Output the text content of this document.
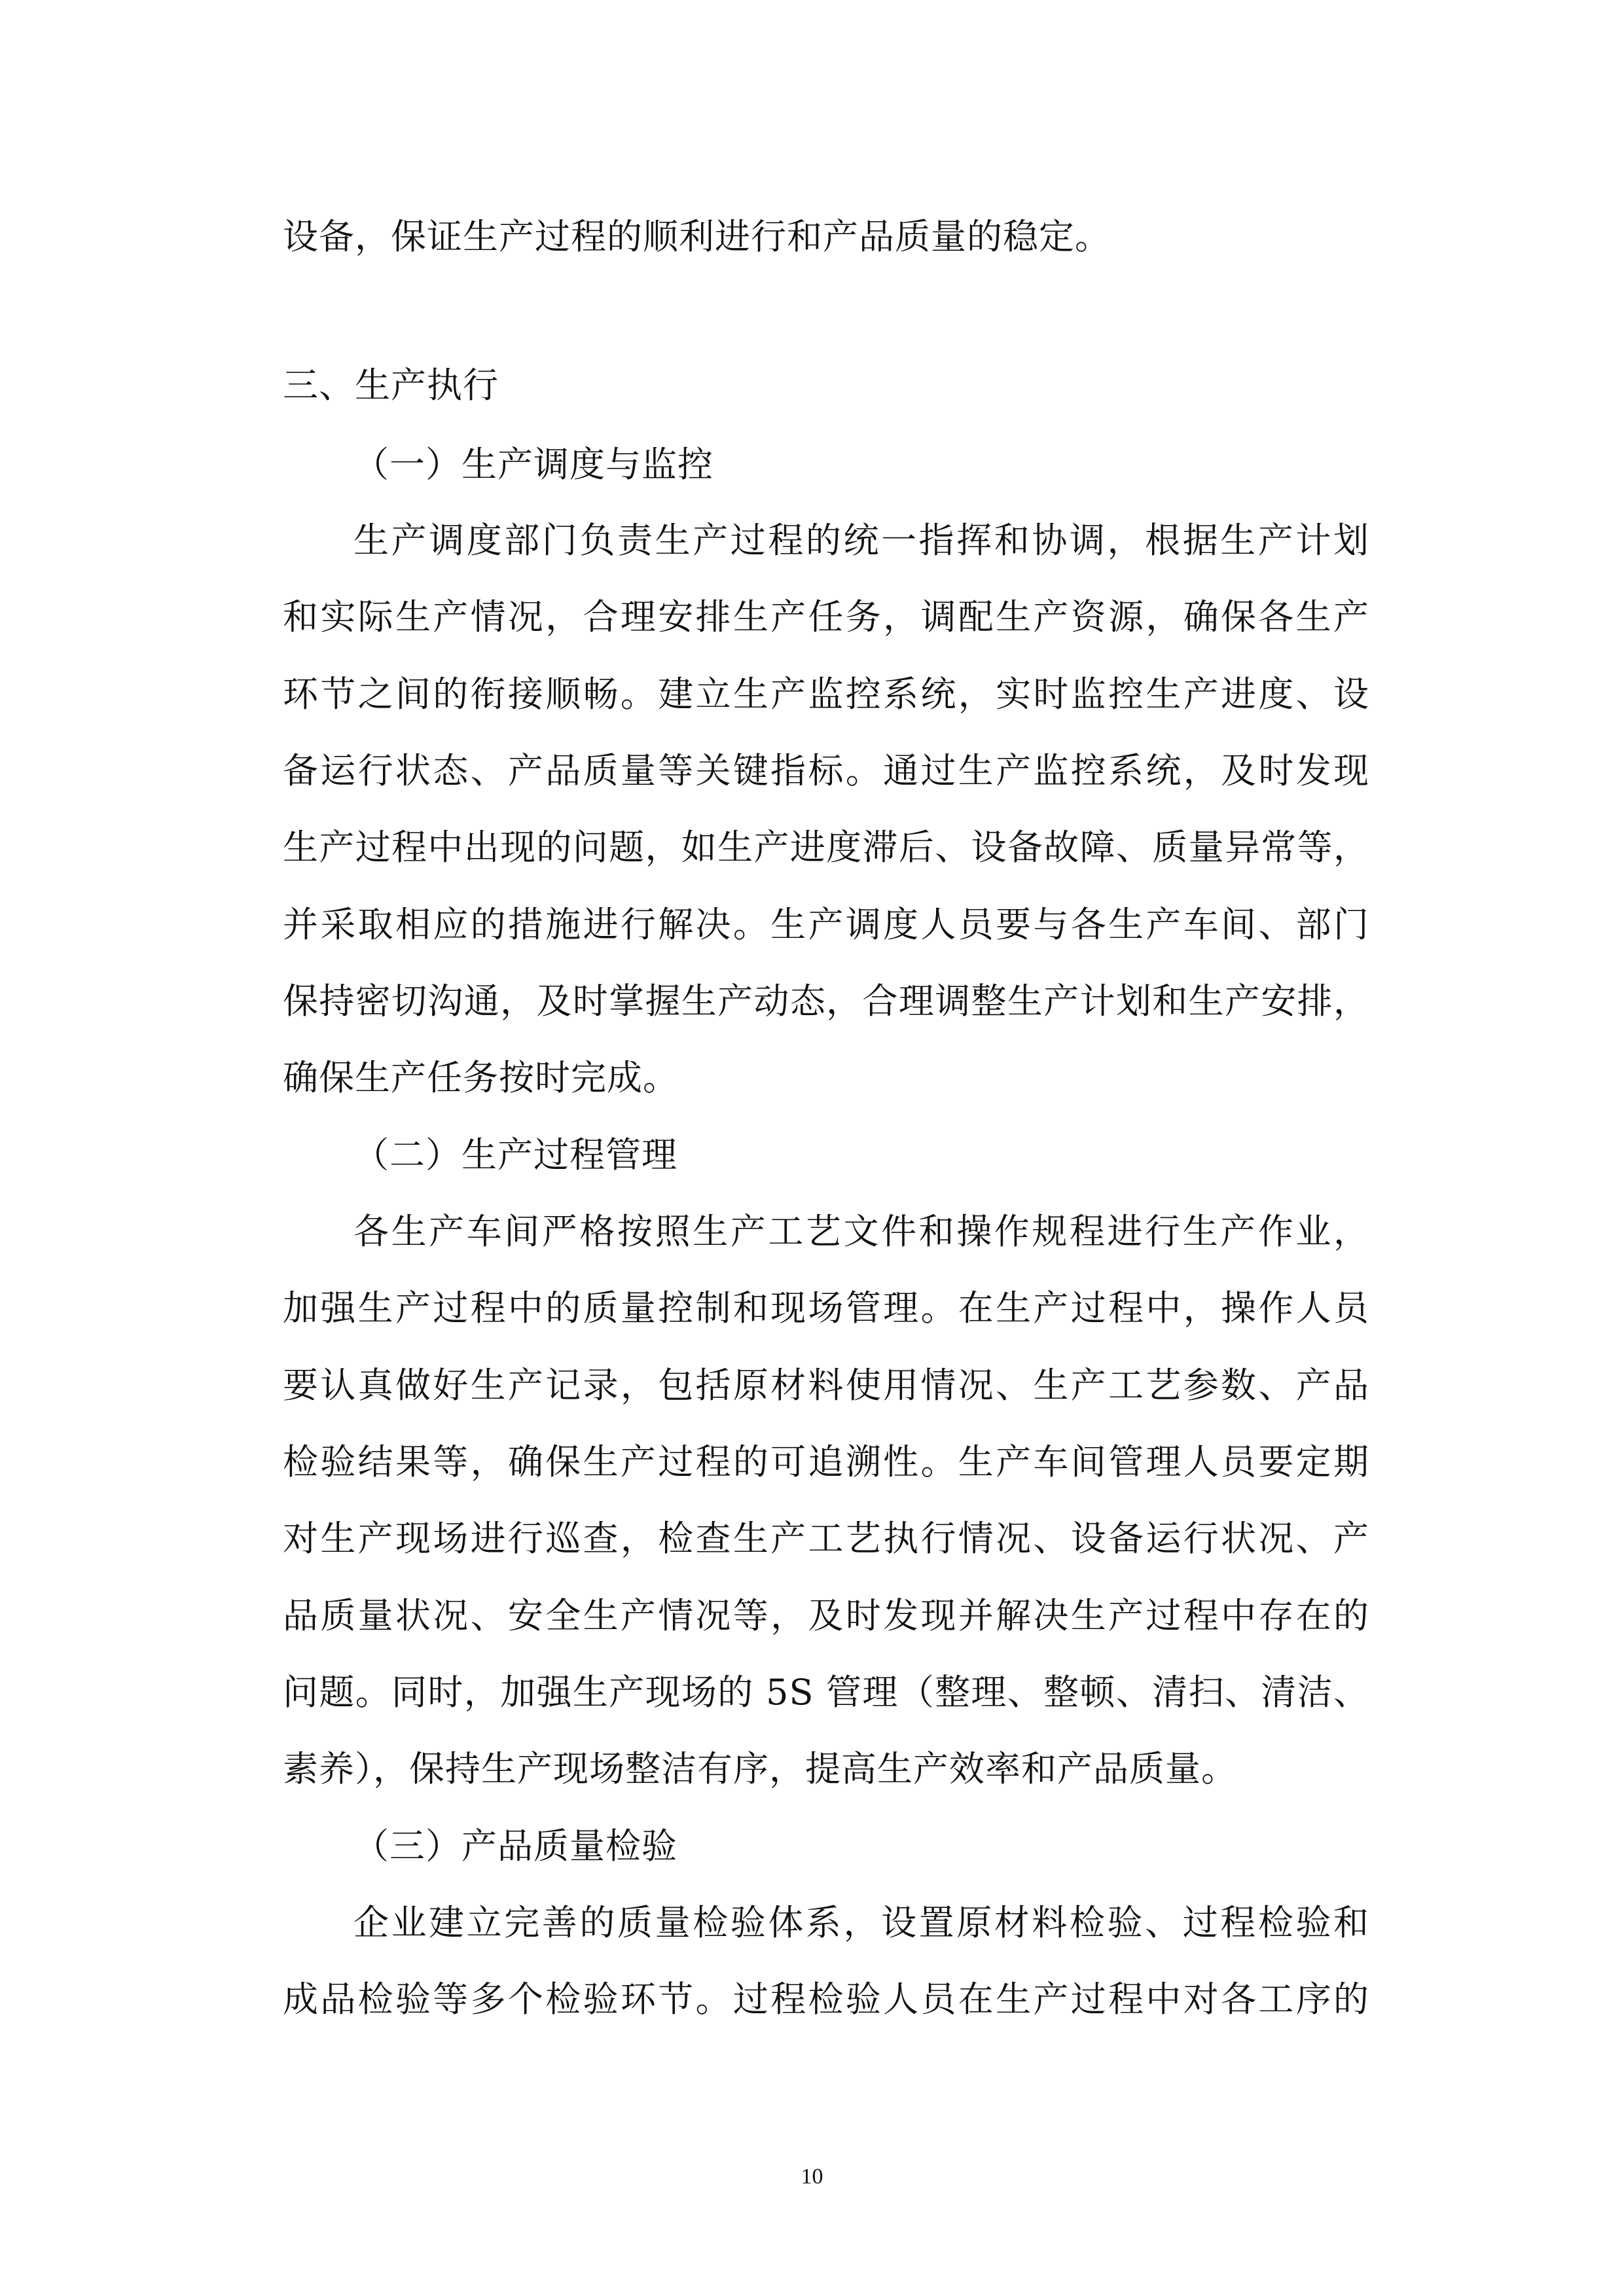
设备，保证生产过程的顺利进行和产品质量的稳定。
三、生产执行
（一）生产调度与监控
生产调度部门负责生产过程的统一指挥和协调，根据生产计划
和实际生产情况，合理安排生产任务，调配生产资源，确保各生产
环节之间的衔接顺畅。建立生产监控系统，实时监控生产进度、设
备运行状态、产品质量等关键指标。通过生产监控系统，及时发现
生产过程中出现的问题，如生产进度滞后、设备故障、质量异常等，
并采取相应的措施进行解决。生产调度人员要与各生产车间、部门
保持密切沟通，及时掌握生产动态，合理调整生产计划和生产安排，
确保生产任务按时完成。
（二）生产过程管理
各生产车间严格按照生产工艺文件和操作规程进行生产作业，
加强生产过程中的质量控制和现场管理。在生产过程中，操作人员
要认真做好生产记录，包括原材料使用情况、生产工艺参数、产品
检验结果等，确保生产过程的可追溯性。生产车间管理人员要定期
对生产现场进行巡查，检查生产工艺执行情况、设备运行状况、产
品质量状况、安全生产情况等，及时发现并解决生产过程中存在的
问题。同时，加强生产现场的 5S 管理（整理、整顿、清扫、清洁、
素养），保持生产现场整洁有序，提高生产效率和产品质量。
（三）产品质量检验
企业建立完善的质量检验体系，设置原材料检验、过程检验和
成品检验等多个检验环节。过程检验人员在生产过程中对各工序的
10
